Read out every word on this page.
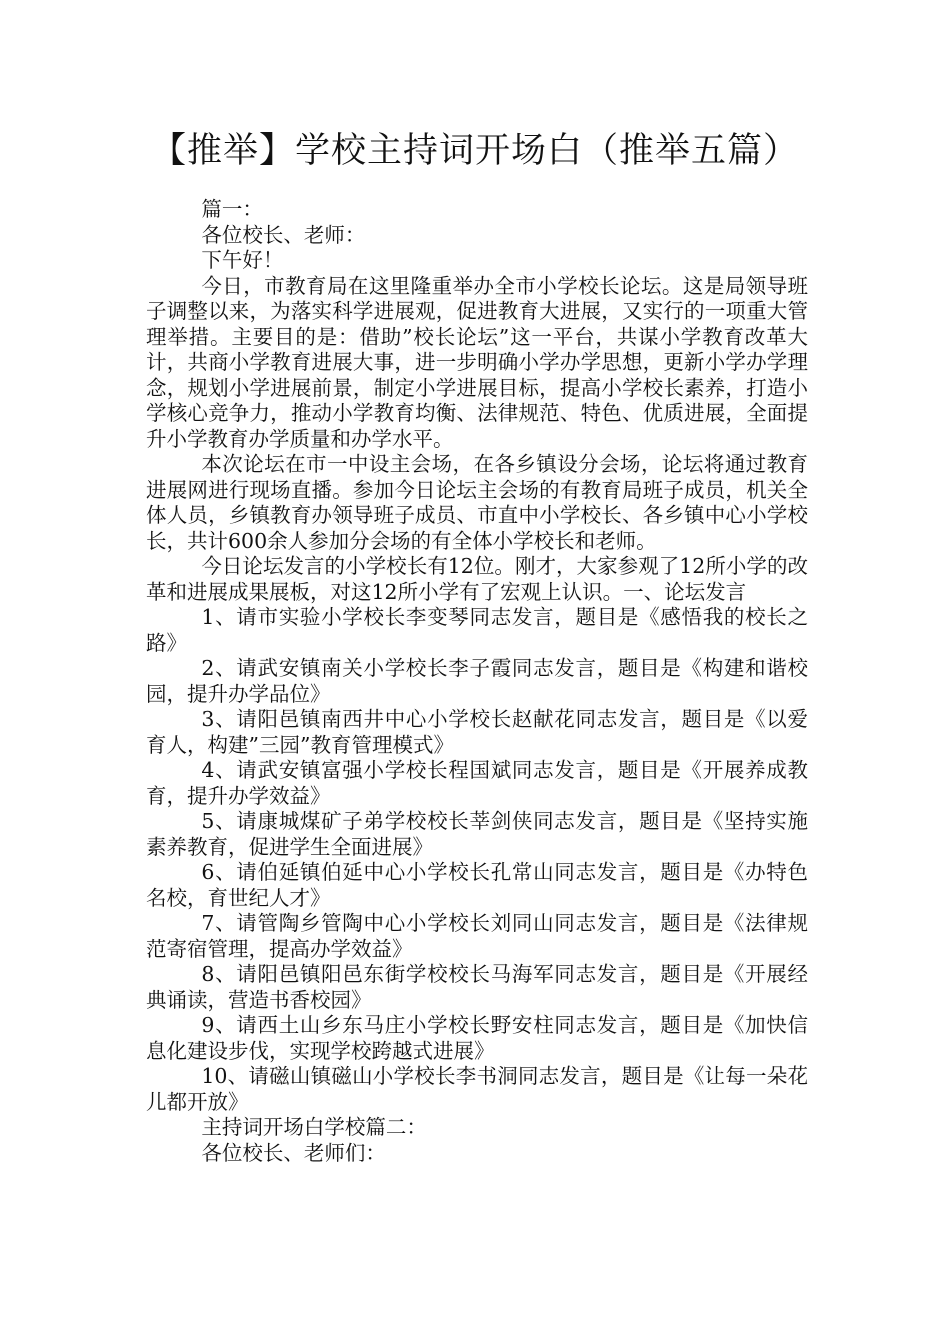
【推举】学校主持词开场白（推举五篇）

篇一：

各位校长、老师：

下午好！

今日，市教育局在这里隆重举办全市小学校长论坛。这是局领导班子调整以来，为落实科学进展观，促进教育大进展，又实行的一项重大管理举措。主要目的是：借助”校长论坛”这一平台，共谋小学教育改革大计，共商小学教育进展大事，进一步明确小学办学思想，更新小学办学理念，规划小学进展前景，制定小学进展目标，提高小学校长素养，打造小学核心竞争力，推动小学教育均衡、法律规范、特色、优质进展，全面提升小学教育办学质量和办学水平。

本次论坛在市一中设主会场，在各乡镇设分会场，论坛将通过教育进展网进行现场直播。参加今日论坛主会场的有教育局班子成员，机关全体人员，乡镇教育办领导班子成员、市直中小学校长、各乡镇中心小学校长，共计600余人参加分会场的有全体小学校长和老师。

今日论坛发言的小学校长有12位。刚才，大家参观了12所小学的改革和进展成果展板，对这12所小学有了宏观上认识。一、论坛发言

1、请市实验小学校长李变琴同志发言，题目是《感悟我的校长之路》

2、请武安镇南关小学校长李子霞同志发言，题目是《构建和谐校园，提升办学品位》

3、请阳邑镇南西井中心小学校长赵献花同志发言，题目是《以爱育人，构建”三园”教育管理模式》

4、请武安镇富强小学校长程国斌同志发言，题目是《开展养成教育，提升办学效益》

5、请康城煤矿子弟学校校长莘剑侠同志发言，题目是《坚持实施素养教育，促进学生全面进展》

6、请伯延镇伯延中心小学校长孔常山同志发言，题目是《办特色名校，育世纪人才》

7、请管陶乡管陶中心小学校长刘同山同志发言，题目是《法律规范寄宿管理，提高办学效益》

8、请阳邑镇阳邑东街学校校长马海军同志发言，题目是《开展经典诵读，营造书香校园》

9、请西土山乡东马庄小学校长野安柱同志发言，题目是《加快信息化建设步伐，实现学校跨越式进展》

10、请磁山镇磁山小学校长李书洞同志发言，题目是《让每一朵花儿都开放》

主持词开场白学校篇二：

各位校长、老师们：
